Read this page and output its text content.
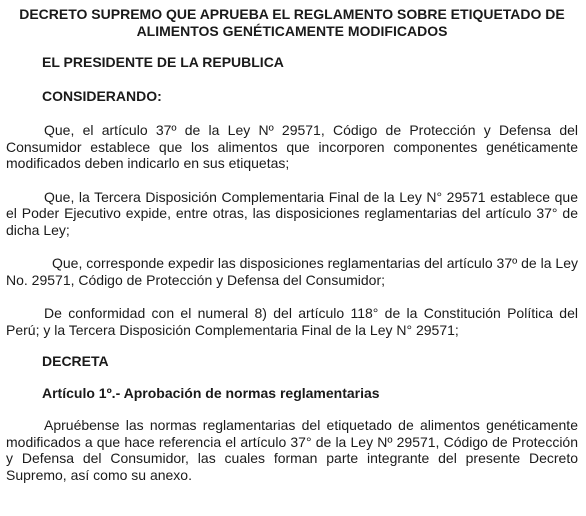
DECRETO SUPREMO QUE APRUEBA EL REGLAMENTO SOBRE ETIQUETADO DE ALIMENTOS GENÉTICAMENTE MODIFICADOS
EL PRESIDENTE DE LA REPUBLICA
CONSIDERANDO:

Que, el artículo 37º de la Ley Nº 29571, Código de Protección y Defensa del Consumidor establece que los alimentos que incorporen componentes genéticamente modificados deben indicarlo en sus etiquetas;

Que, la Tercera Disposición Complementaria Final de la Ley N° 29571 establece que el Poder Ejecutivo expide, entre otras, las disposiciones reglamentarias del artículo 37° de dicha Ley;

Que, corresponde expedir las disposiciones reglamentarias del artículo 37º de la Ley No. 29571, Código de Protección y Defensa del Consumidor;

De conformidad con el numeral 8) del artículo 118° de la Constitución Política del Perú; y la Tercera Disposición Complementaria Final de la Ley N° 29571;

DECRETA
Artículo 1º.- Aprobación de normas reglamentarias

Apruébense las normas reglamentarias del etiquetado de alimentos genéticamente modificados a que hace referencia el artículo 37° de la Ley Nº 29571, Código de Protección y Defensa del Consumidor, las cuales forman parte integrante del presente Decreto Supremo, así como su anexo.
